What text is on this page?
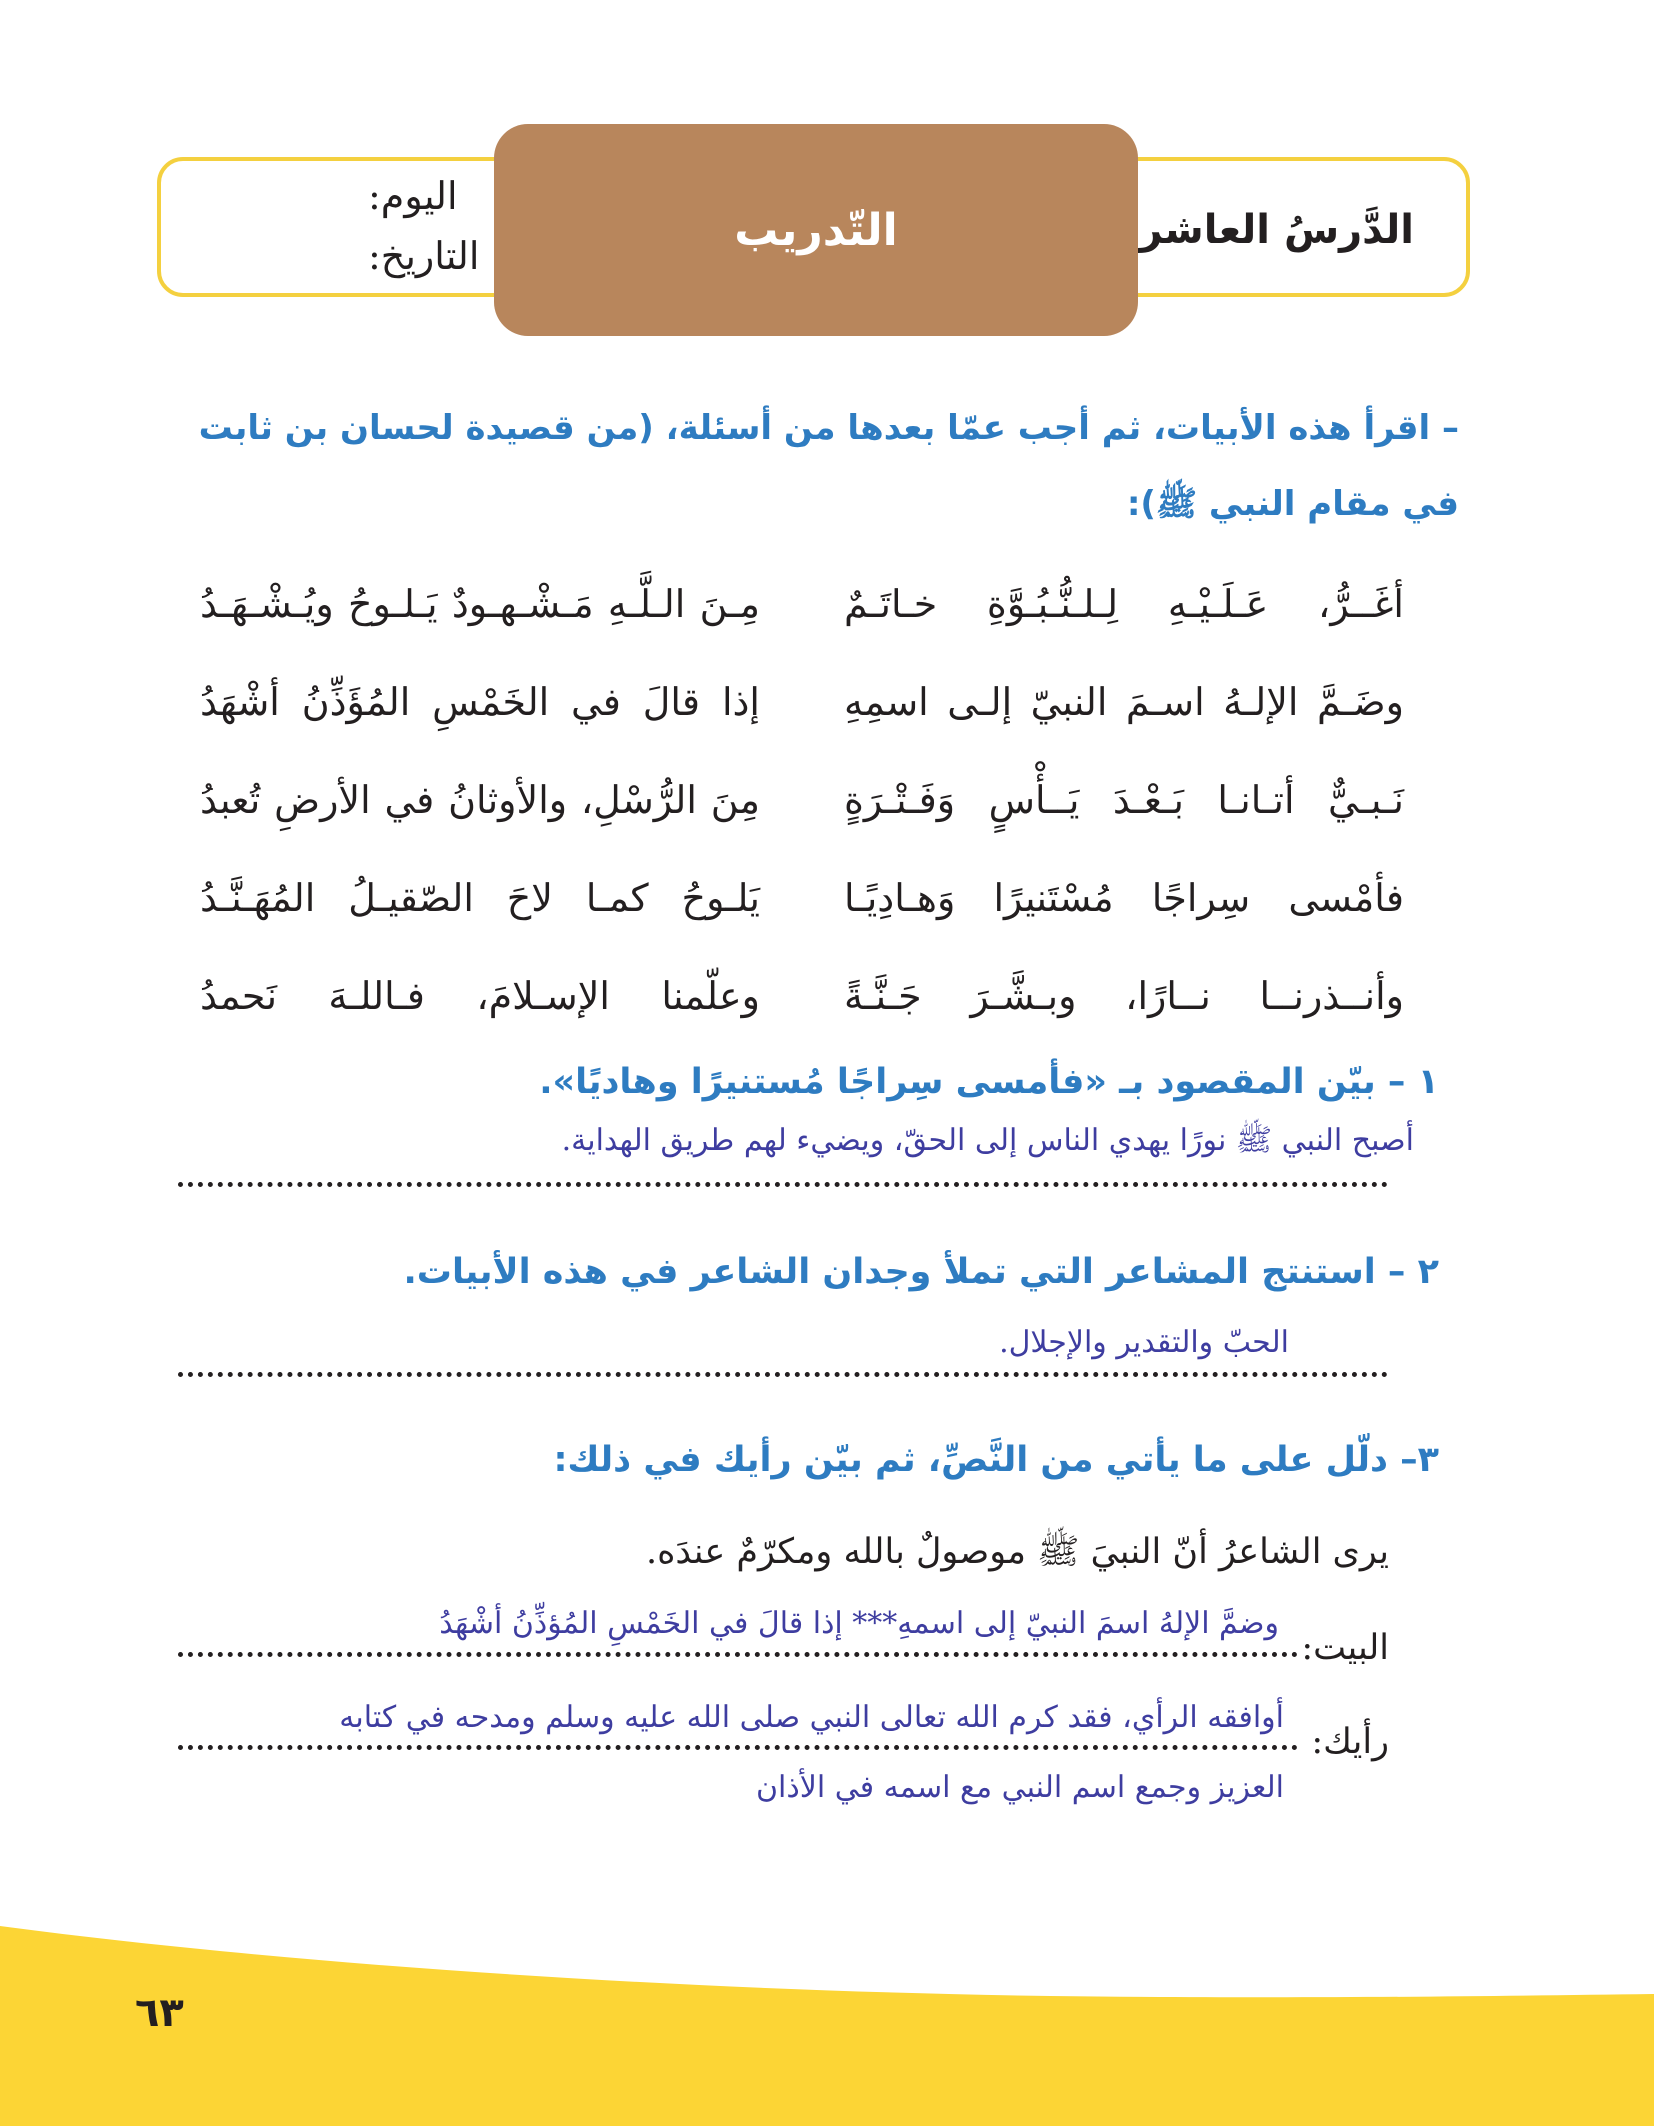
الدَّرسُ العاشر
التّدريب
اليوم:
التاريخ:
– اقرأ هذه الأبيات، ثم أجب عمّا بعدها من أسئلة، (من قصيدة لحسان بن ثابت في مقام النبي ﷺ):
أغَــرُّ، عَـلَـيْـهِ لِـلـنُّـبُـوَّةِ خـاتَـمٌ
مِـنَ الـلَّـهِ مَـشْـهـودٌ يَـلـوحُ ويُـشْـهَـدُ
وضَـمَّ الإلـهُ اسـمَ النبيّ إلـى اسمِهِ
إذا قالَ في الخَمْسِ المُؤَذِّنُ أشْهَدُ
نَـبـيٌّ أتـانـا بَـعْـدَ يَــأْسٍ وَفَـتْـرَةٍ
مِنَ الرُّسْلِ، والأوثانُ في الأرضِ تُعبدُ
فأمْسى سِراجًا مُسْتَنيرًا وَهـادِيًـا
يَلـوحُ كمـا لاحَ الصّقيـلُ المُهَـنَّـدُ
وأنــذرنــا نــارًا، وبـشَّـرَ جَـنَّـةً
وعلّمنا الإسـلامَ، فـاللـهَ نَحمدُ
١ – بيّن المقصود بـ «فأمسى سِراجًا مُستنيرًا وهاديًا».
أصبح النبي ﷺ نورًا يهدي الناس إلى الحقّ، ويضيء لهم طريق الهداية.
٢ – استنتج المشاعر التي تملأ وجدان الشاعر في هذه الأبيات.
الحبّ والتقدير والإجلال.
٣– دلّل على ما يأتي من النَّصِّ، ثم بيّن رأيك في ذلك:
يرى الشاعرُ أنّ النبيَ ﷺ موصولٌ بالله ومكرّمٌ عندَه.
البيت:
وضمَّ الإلهُ اسمَ النبيّ إلى اسمهِ*** إذا قالَ في الخَمْسِ المُؤذِّنُ أشْهَدُ
رأيك:
أوافقه الرأي، فقد كرم الله تعالى النبي صلى الله عليه وسلم ومدحه في كتابه
العزيز وجمع اسم النبي مع اسمه في الأذان
٦٣
